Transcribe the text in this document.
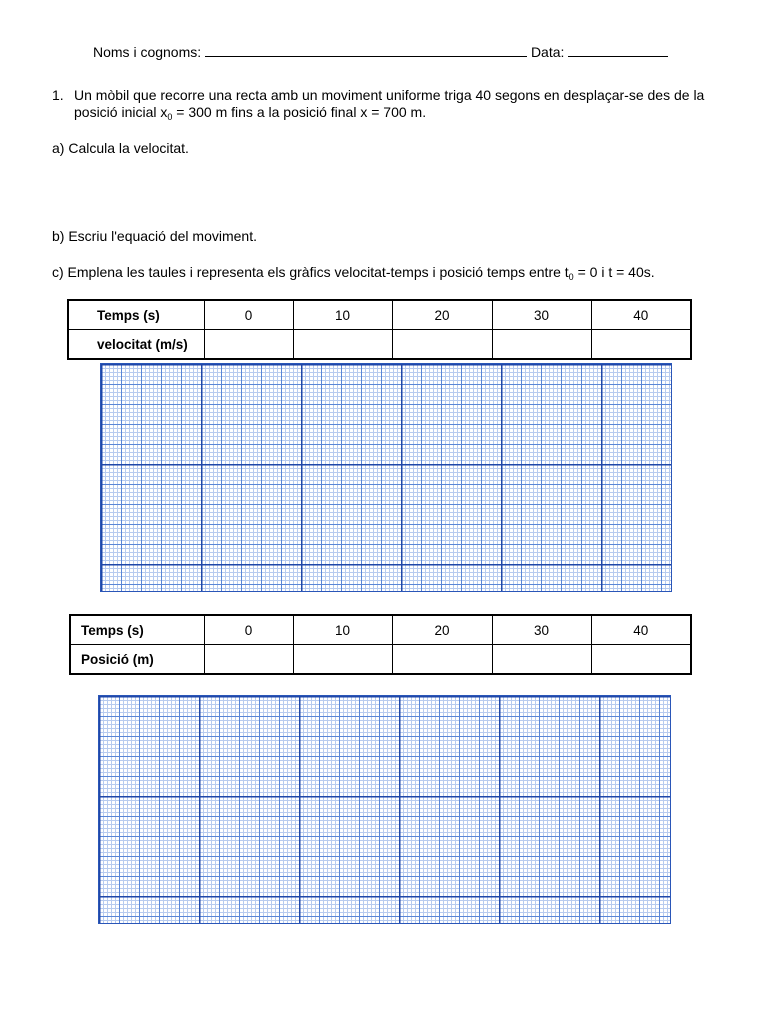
Noms i cognoms:	Data:
1. Un mòbil que recorre una recta amb un moviment uniforme triga 40 segons en desplaçar-se des de la
posició inicial $x_0 = 300$ m fins a la posició final x = 700 m.
a) Calcula la velocitat.
b) Escriu l'equació del moviment.
c) Emplena les taules i representa els gràfics velocitat-temps i posició temps entre $t_0 = 0$ i t = 40s.
Temps (s)	0	10	20	30	40
velocitat (m/s)					
Temps (s)	0	10	20	30	40
Posició (m)					
